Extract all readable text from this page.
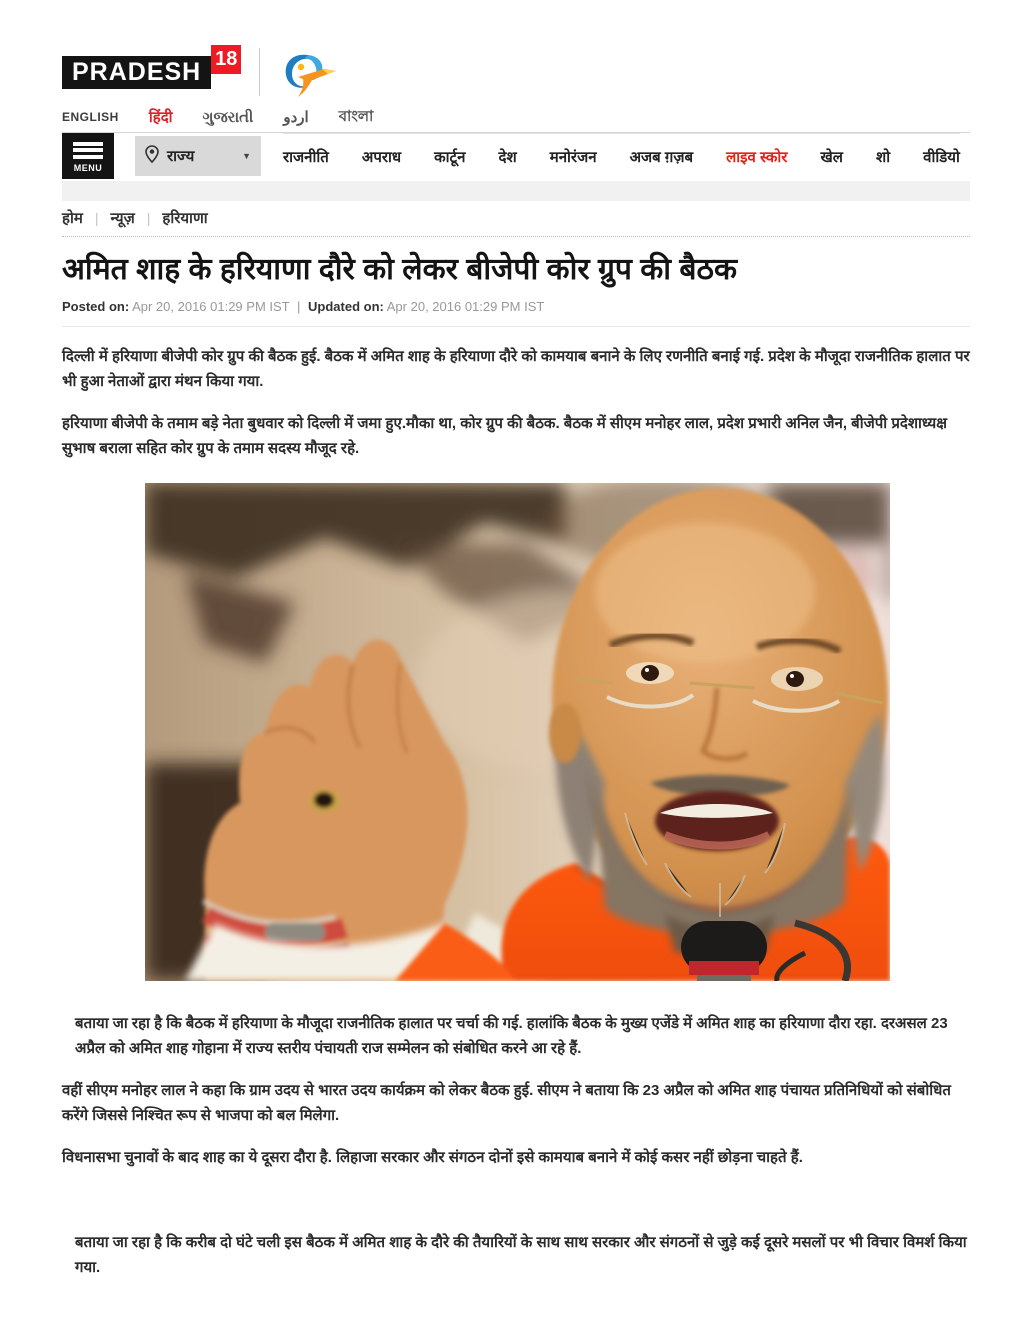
PRADESH 18
ENGLISH हिंदी ગુજરાતી اردو বাংলা
MENU
राज्य	▼ राजनीति अपराध कार्टून देश मनोरंजन अजब ग़ज़ब लाइव स्कोर खेल शो वीडियो
होम | न्यूज़ | हरियाणा
अमित शाह के हरियाणा दौरे को लेकर बीजेपी कोर ग्रुप की बैठक
Posted on: Apr 20, 2016 01:29 PM IST | Updated on: Apr 20, 2016 01:29 PM IST

दिल्ली में हरियाणा बीजेपी कोर ग्रुप की बैठक हुई. बैठक में अमित शाह के हरियाणा दौरे को कामयाब बनाने के लिए रणनीति बनाई गई. प्रदेश के मौजूदा राजनीतिक हालात पर भी हुआ नेताओं द्वारा मंथन किया गया.

हरियाणा बीजेपी के तमाम बड़े नेता बुधवार को दिल्ली में जमा हुए.मौका था, कोर ग्रुप की बैठक. बैठक में सीएम मनोहर लाल, प्रदेश प्रभारी अनिल जैन, बीजेपी प्रदेशाध्यक्ष सुभाष बराला सहित कोर ग्रुप के तमाम सदस्य मौजूद रहे.

बताया जा रहा है कि बैठक में हरियाणा के मौजूदा राजनीतिक हालात पर चर्चा की गई. हालांकि बैठक के मुख्य एजेंडे में अमित शाह का हरियाणा दौरा रहा. दरअसल 23 अप्रैल को अमित शाह गोहाना में राज्य स्तरीय पंचायती राज सम्मेलन को संबोधित करने आ रहे हैं.

वहीं सीएम मनोहर लाल ने कहा कि ग्राम उदय से भारत उदय कार्यक्रम को लेकर बैठक हुई. सीएम ने बताया कि 23 अप्रैल को अमित शाह पंचायत प्रतिनिधियों को संबोधित करेंगे जिससे निश्चित रूप से भाजपा को बल मिलेगा.

विधनासभा चुनावों के बाद शाह का ये दूसरा दौरा है. लिहाजा सरकार और संगठन दोनों इसे कामयाब बनाने में कोई कसर नहीं छोड़ना चाहते हैं.

बताया जा रहा है कि करीब दो घंटे चली इस बैठक में अमित शाह के दौरे की तैयारियों के साथ साथ सरकार और संगठनों से जुड़े कई दूसरे मसलों पर भी विचार विमर्श किया गया.
